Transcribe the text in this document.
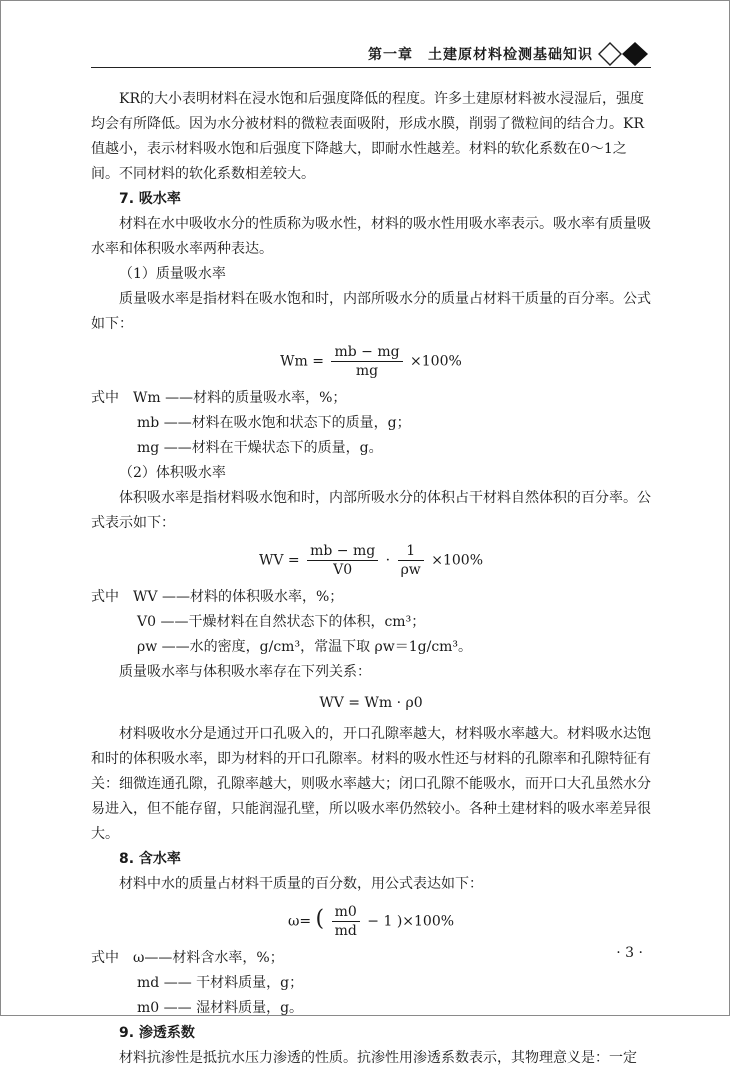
第一章　土建原材料检测基础知识

KR的大小表明材料在浸水饱和后强度降低的程度。许多土建原材料被水浸湿后，强度均会有所降低。因为水分被材料的微粒表面吸附，形成水膜，削弱了微粒间的结合力。KR值越小，表示材料吸水饱和后强度下降越大，即耐水性越差。材料的软化系数在0～1之间。不同材料的软化系数相差较大。

7. 吸水率

材料在水中吸收水分的性质称为吸水性，材料的吸水性用吸水率表示。吸水率有质量吸水率和体积吸水率两种表达。

（1）质量吸水率

质量吸水率是指材料在吸水饱和时，内部所吸水分的质量占材料干质量的百分率。公式如下：

$Wm = \frac{mb - mg}{mg} \times 100\%$

式中　Wm ——材料的质量吸水率，%；

mb ——材料在吸水饱和状态下的质量，g；

mg ——材料在干燥状态下的质量，g。

（2）体积吸水率

体积吸水率是指材料吸水饱和时，内部所吸水分的体积占干材料自然体积的百分率。公式表示如下：

WV = $\frac{mb - mg}{V0} \cdot \frac{1}{\rho w} \times 100\%$

式中　WV ——材料的体积吸水率，%；

V0 ——干燥材料在自然状态下的体积，cm³；

ρw ——水的密度，g/cm³，常温下取 ρw＝1g/cm³。

质量吸水率与体积吸水率存在下列关系：

WV = Wm · ρ0

材料吸收水分是通过开口孔吸入的，开口孔隙率越大，材料吸水率越大。材料吸水达饱和时的体积吸水率，即为材料的开口孔隙率。材料的吸水性还与材料的孔隙率和孔隙特征有关：细微连通孔隙，孔隙率越大，则吸水率越大；闭口孔隙不能吸水，而开口大孔虽然水分易进入，但不能存留，只能润湿孔壁，所以吸水率仍然较小。各种土建材料的吸水率差异很大。

8. 含水率

材料中水的质量占材料干质量的百分数，用公式表达如下：

ω= ( $\frac{m0}{md} - 1$ )×100%

式中　ω——材料含水率，%；

md —— 干材料质量，g；

m0 —— 湿材料质量，g。

9. 渗透系数

材料抗渗性是抵抗水压力渗透的性质。抗渗性用渗透系数表示，其物理意义是：一定

· 3 ·
